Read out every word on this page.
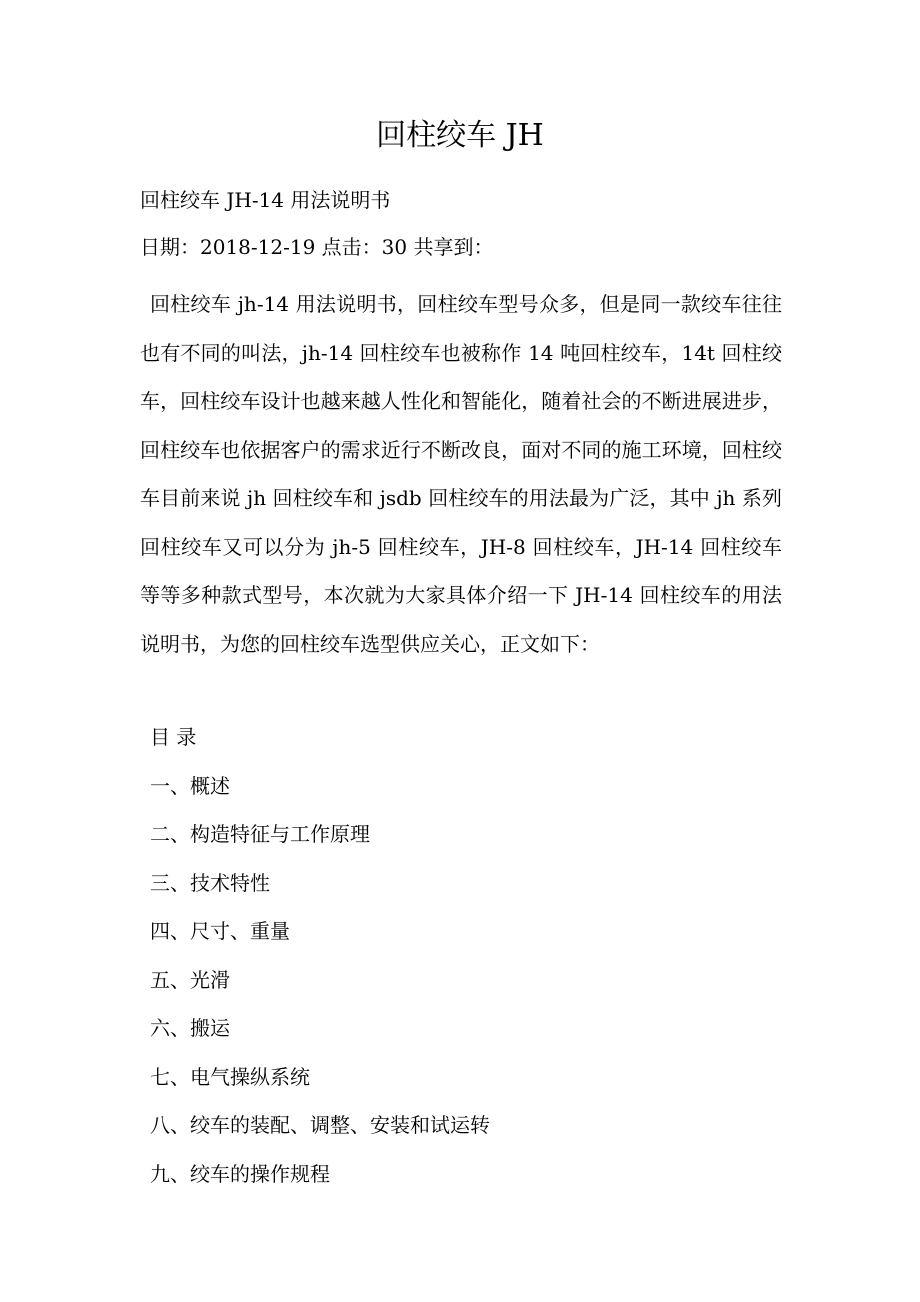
回柱绞车 JH

回柱绞车 JH-14 用法说明书

日期：2018-12-19 点击：30 共享到：

回柱绞车 jh-14 用法说明书，回柱绞车型号众多，但是同一款绞车往往也有不同的叫法，jh-14 回柱绞车也被称作 14 吨回柱绞车，14t 回柱绞车，回柱绞车设计也越来越人性化和智能化，随着社会的不断进展进步，回柱绞车也依据客户的需求近行不断改良，面对不同的施工环境，回柱绞车目前来说 jh 回柱绞车和 jsdb 回柱绞车的用法最为广泛，其中 jh 系列回柱绞车又可以分为 jh-5 回柱绞车，JH-8 回柱绞车，JH-14 回柱绞车等等多种款式型号，本次就为大家具体介绍一下 JH-14 回柱绞车的用法说明书，为您的回柱绞车选型供应关心，正文如下：

目 录
一、概述
二、构造特征与工作原理
三、技术特性
四、尺寸、重量
五、光滑
六、搬运
七、电气操纵系统
八、绞车的装配、调整、安装和试运转
九、绞车的操作规程
